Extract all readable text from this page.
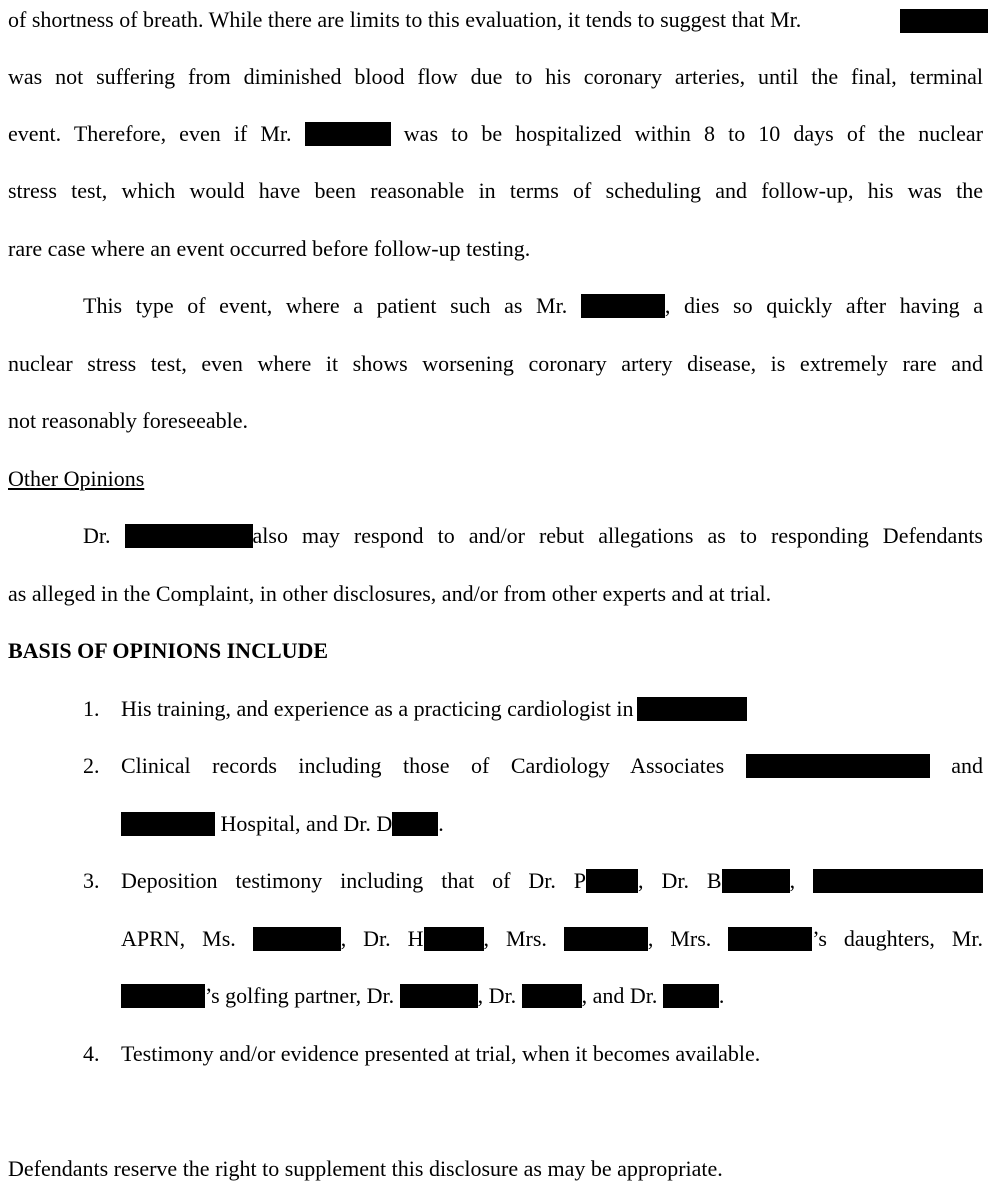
of shortness of breath. While there are limits to this evaluation, it tends to suggest that Mr.
was not suffering from diminished blood flow due to his coronary arteries, until the final, terminal
event. Therefore, even if Mr.	was to be hospitalized within 8 to 10 days of the nuclear
stress test, which would have been reasonable in terms of scheduling and follow-up, his was the
rare case where an event occurred before follow-up testing.
This type of event, where a patient such as Mr.	, dies so quickly after having a
nuclear stress test, even where it shows worsening coronary artery disease, is extremely rare and
not reasonably foreseeable.
Other Opinions
Dr.	also may respond to and/or rebut allegations as to responding Defendants
as alleged in the Complaint, in other disclosures, and/or from other experts and at trial.
BASIS OF OPINIONS INCLUDE
1. His training, and experience as a practicing cardiologist in
2. Clinical records including those of Cardiology Associates	and
Hospital, and Dr. D .
3. Deposition testimony including that of Dr. P , Dr. B	,
APRN, Ms.	, Dr. H	, Mrs.	, Mrs.	’s daughters, Mr.
’s golfing partner, Dr.	, Dr.	, and Dr.	.
4. Testimony and/or evidence presented at trial, when it becomes available.
Defendants reserve the right to supplement this disclosure as may be appropriate.
